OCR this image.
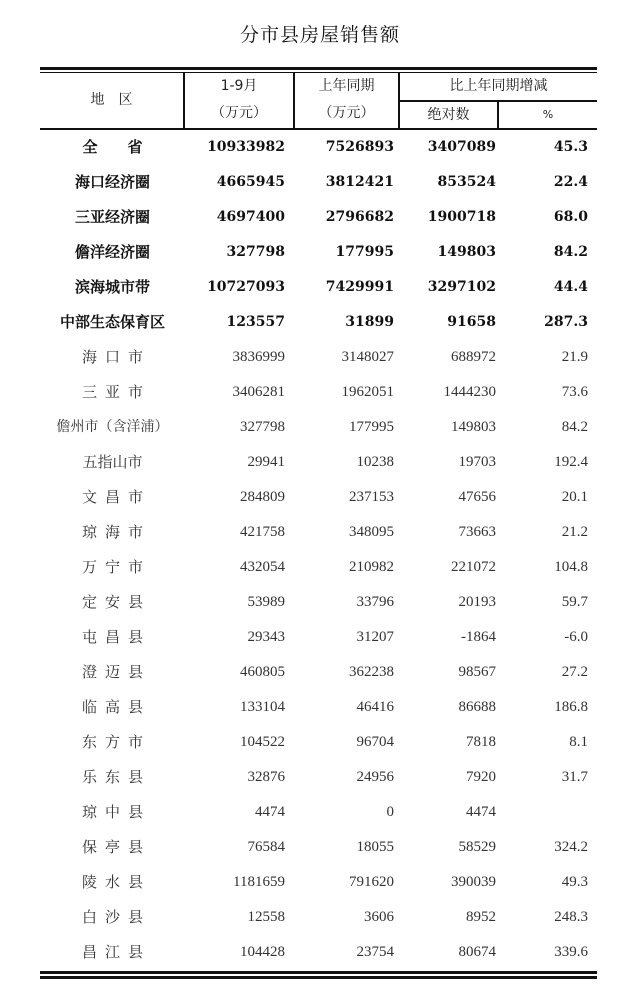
分市县房屋销售额
地区
1-9月
（万元）
上年同期
（万元）
比上年同期增减
绝对数	%
全省	10933982	7526893 3407089	45.3
海口经济圈	4665945	3812421	853524	22.4
三亚经济圈	4697400	2796682 1900718	68.0
儋洋经济圈	327798	177995	149803	84.2
滨海城市带	10727093	7429991 3297102	44.4
中部生态保育区	123557	31899	91658	287.3
海口市	3836999	3148027	688972	21.9
三亚市	3406281	1962051	1444230	73.6
儋州市（含洋浦）	327798	177995	149803	84.2
五指山市	29941	10238	19703	192.4
文昌市	284809	237153	47656	20.1
琼海市	421758	348095	73663	21.2
万宁市	432054	210982	221072	104.8
定安县	53989	33796	20193	59.7
屯昌县	29343	31207	-1864	-6.0
澄迈县	460805	362238	98567	27.2
临高县	133104	46416	86688	186.8
东方市	104522	96704	7818	8.1
乐东县	32876	24956	7920	31.7
琼中县	4474	0	4474
保亭县	76584	18055	58529	324.2
陵水县	1181659	791620	390039	49.3
白沙县	12558	3606	8952	248.3
昌江县	104428	23754	80674	339.6
